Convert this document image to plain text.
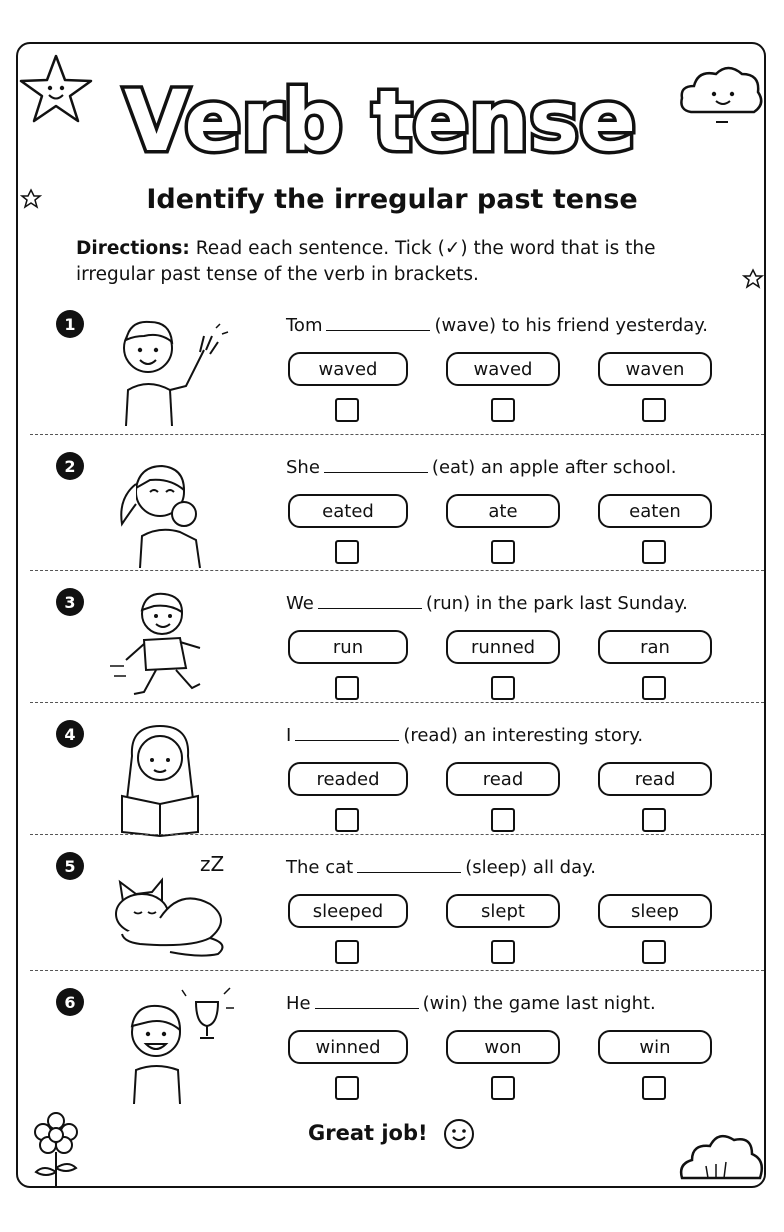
Verb tense
Identify the irregular past tense
Directions: Read each sentence. Tick (✓) the word that is the irregular past tense of the verb in brackets.
1	Tom	(wave) to his friend yesterday.
waved	waved	waven
2	She	(eat) an apple after school.
eated	ate	eaten
3	We	(run) in the park last Sunday.
run	runned	ran
4	I	(read) an interesting story.
readed	read	read
5	zZ	The cat	(sleep) all day.
sleeped	slept	sleep
6	He	(win) the game last night.
winned	won	win
Great job!
